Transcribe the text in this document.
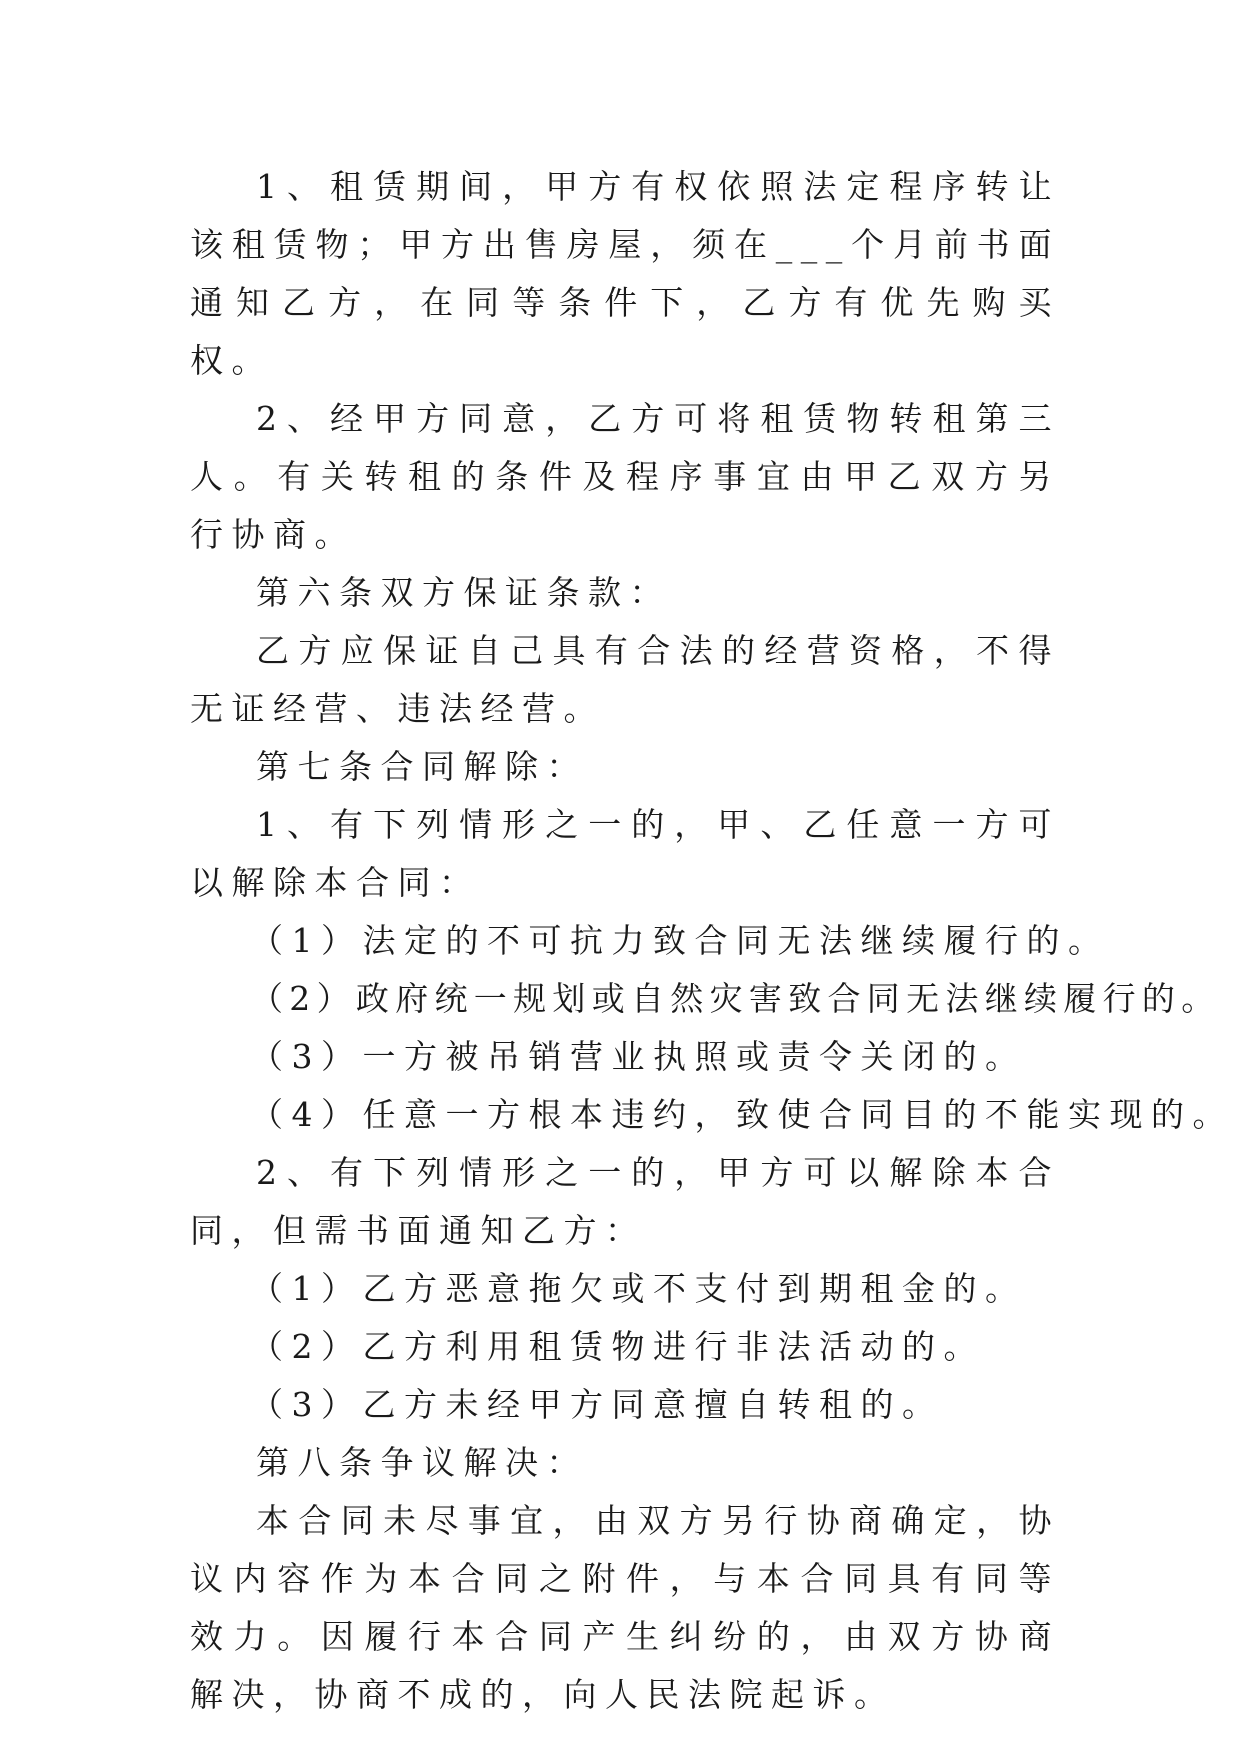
1、租赁期间，甲方有权依照法定程序转让该租赁物；甲方出售房屋，须在___个月前书面通知乙方，在同等条件下，乙方有优先购买权。

2、经甲方同意，乙方可将租赁物转租第三人。有关转租的条件及程序事宜由甲乙双方另行协商。

第六条双方保证条款：

乙方应保证自己具有合法的经营资格，不得无证经营、违法经营。

第七条合同解除：

1、有下列情形之一的，甲、乙任意一方可以解除本合同：

（1）法定的不可抗力致合同无法继续履行的。

（2）政府统一规划或自然灾害致合同无法继续履行的。

（3）一方被吊销营业执照或责令关闭的。

（4）任意一方根本违约，致使合同目的不能实现的。

2、有下列情形之一的，甲方可以解除本合同，但需书面通知乙方：

（1）乙方恶意拖欠或不支付到期租金的。

（2）乙方利用租赁物进行非法活动的。

（3）乙方未经甲方同意擅自转租的。

第八条争议解决：

本合同未尽事宜，由双方另行协商确定，协议内容作为本合同之附件，与本合同具有同等效力。因履行本合同产生纠纷的，由双方协商解决，协商不成的，向人民法院起诉。
